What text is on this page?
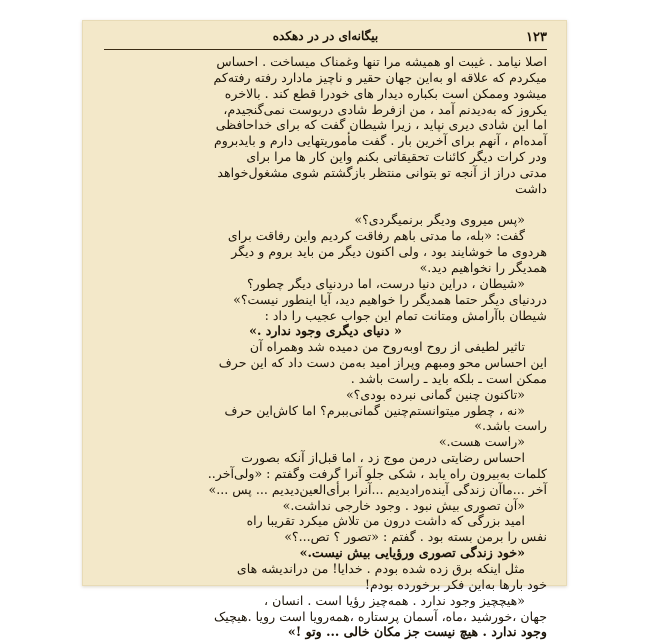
۱۲۳
بیگانه‌ای در در دهکده
اصلا نیامد . غیبت او همیشه مرا تنها وغمناک میساخت . احساس
میکردم که علاقه او به‌این جهان حقیر و ناچیز مادارد رفته رفته‌کم
میشود وممکن است بکباره دیدار های خودرا قطع کند . بالاخره
یکروز که به‌دیدنم آمد ، من ازفرط شادی دربوست نمی‌گنجیدم،
اما این شادی دیری نپاید ، زیرا شیطان گفت که برای خداحافظی
آمده‌ام ، آنهم برای آخرین بار . گفت مأموریتهایی دارم و بایدبروم
ودر کرات دیگر کائنات تحقیقاتی بکنم واین کار ها مرا برای
مدتی دراز از آنجه تو بتوانی منتظر بازگشتم شوی مشغول‌خواهد
داشت
«پس میروی ودیگر برنمیگردی؟»
گفت: «بله، ما مدتی باهم رفاقت کردیم واین رفاقت برای
هردوی ما خوشایند بود ، ولی اکنون دیگر من باید بروم و دیگر
همدیگر را نخواهیم دید.»
«شیطان ، دراین دنیا درست، اما دردنیای دیگر چطور؟
دردنیای دیگر حتما همدیگر را خواهیم دید، آیا اینطور نیست؟»
شیطان باآرامش ومتانت تمام این جواب عجیب را داد :
« دنیای دیگری وجود ندارد .»
تاثیر لطیفی از روح اوبه‌روح من دمیده شد وهمراه آن
این احساس محو ومبهم وپراز امید به‌من دست داد که این حرف
ممکن است ـ بلکه باید ـ راست باشد .
«تاکنون چنین گمانی نبرده بودی؟»
«نه ، چطور میتوانستم‌چنین گمانی‌ببرم؟ اما کاش‌این حرف
راست باشد.»
«راست هست.»
احساس رضایتی درمن موج زد ، اما قبل‌از آنکه بصورت
کلمات به‌بیرون راه یابد ، شکی جلو آنرا گرفت وگفتم : «ولی‌آخر..
آخر ...ماآن زندگی آینده‌رادیدیم ...آنرا برأی‌العین‌دیدیم ... پس ...»
«آن تصوری بیش نبود . وجود خارجی نداشت.»
امید بزرگی که داشت درون من تلاش میکرد تقریبا راه
نفس را برمن بسته بود . گفتم : «تصور ؟ تص...؟»
«خود زندگی تصوری ورؤیایی بیش نیست.»
مثل اینکه برق زده شده بودم . خدایا! من دراندیشه های
خود بارها به‌این فکر برخورده بودم!
«هیچچیز وجود ندارد . همه‌چیز رؤیا است . انسان ،
جهان ،خورشید ،ماه، آسمان پرستاره ،همه‌رویا است رویا .هیچیک
وجود ندارد . هیچ نیست جز مکان خالی ... وتو !»
